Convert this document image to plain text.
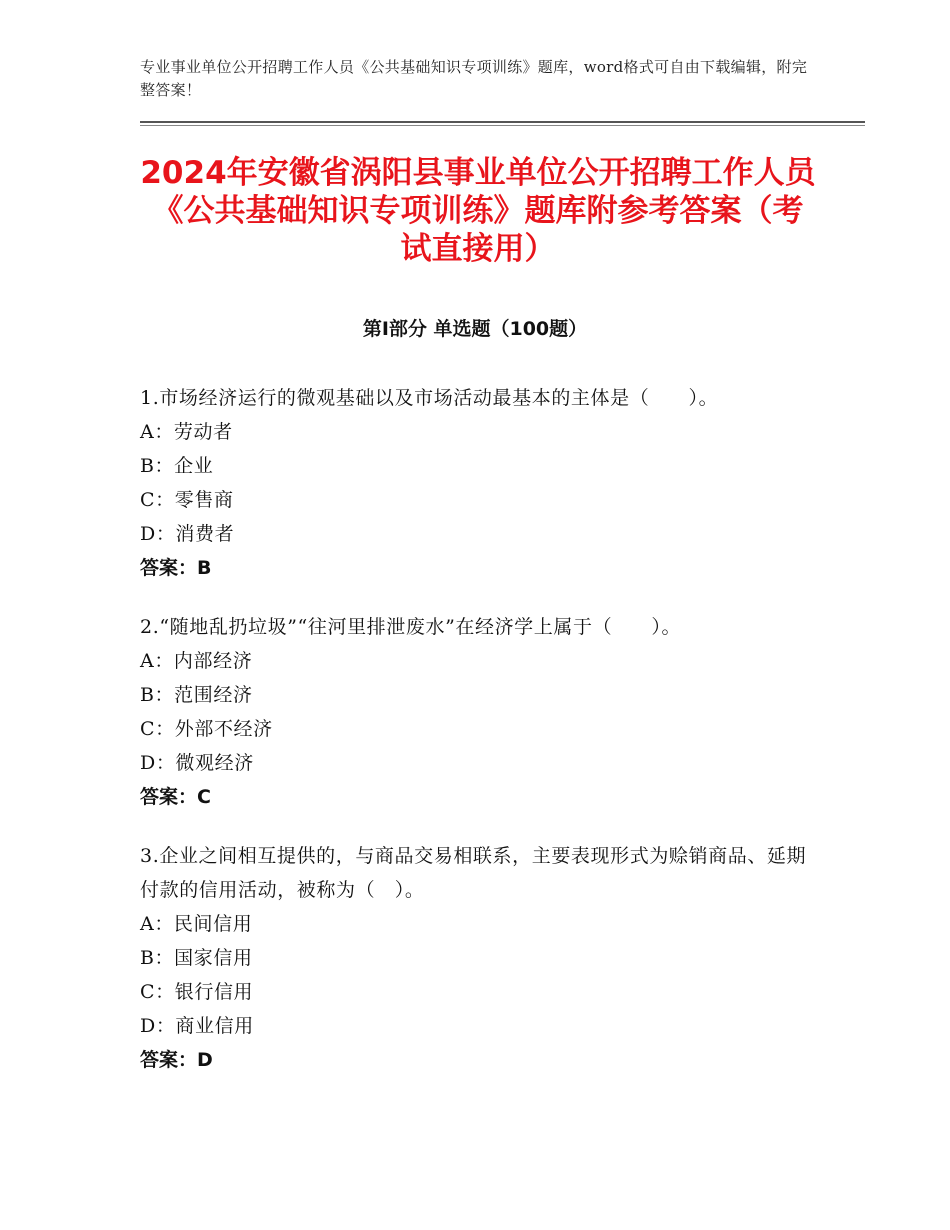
专业事业单位公开招聘工作人员《公共基础知识专项训练》题库，word格式可自由下载编辑，附完整答案！
2024年安徽省涡阳县事业单位公开招聘工作人员《公共基础知识专项训练》题库附参考答案（考试直接用）
第Ⅰ部分 单选题（100题）

1.市场经济运行的微观基础以及市场活动最基本的主体是（　　）。

A：劳动者

B：企业

C：零售商

D：消费者

答案：B

2.“随地乱扔垃圾”“往河里排泄废水”在经济学上属于（　　）。

A：内部经济

B：范围经济

C：外部不经济

D：微观经济

答案：C

3.企业之间相互提供的，与商品交易相联系，主要表现形式为赊销商品、延期付款的信用活动，被称为（　）。

A：民间信用

B：国家信用

C：银行信用

D：商业信用

答案：D
